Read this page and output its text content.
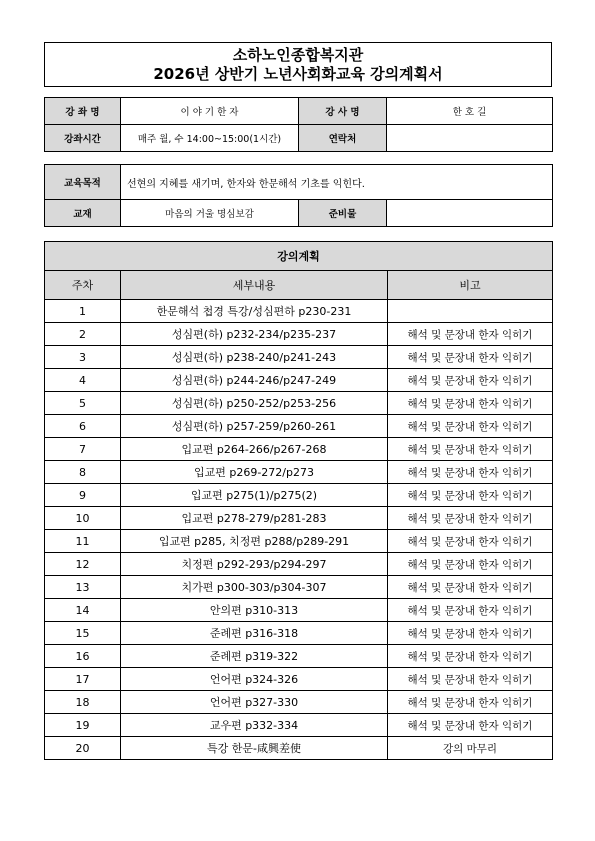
소하노인종합복지관
2026년 상반기 노년사회화교육 강의계획서
강 좌 명	이 야 기 한 자	강 사 명	한 호 길
강좌시간	매주 월, 수 14:00~15:00(1시간)	연락처	
교육목적	선현의 지혜를 새기며, 한자와 한문해석 기초를 익힌다.		
교재	마음의 거울 명심보감	준비물	
강의계획		
주차	세부내용	비고
1	한문해석 첩경 특강/성심편하 p230-231	
2	성심편(하) p232-234/p235-237	해석 및 문장내 한자 익히기
3	성심편(하) p238-240/p241-243	해석 및 문장내 한자 익히기
4	성심편(하) p244-246/p247-249	해석 및 문장내 한자 익히기
5	성심편(하) p250-252/p253-256	해석 및 문장내 한자 익히기
6	성심편(하) p257-259/p260-261	해석 및 문장내 한자 익히기
7	입교편 p264-266/p267-268	해석 및 문장내 한자 익히기
8	입교편 p269-272/p273	해석 및 문장내 한자 익히기
9	입교편 p275(1)/p275(2)	해석 및 문장내 한자 익히기
10	입교편 p278-279/p281-283	해석 및 문장내 한자 익히기
11	입교편 p285, 치정편 p288/p289-291	해석 및 문장내 한자 익히기
12	치정편 p292-293/p294-297	해석 및 문장내 한자 익히기
13	치가편 p300-303/p304-307	해석 및 문장내 한자 익히기
14	안의편 p310-313	해석 및 문장내 한자 익히기
15	준례편 p316-318	해석 및 문장내 한자 익히기
16	준례편 p319-322	해석 및 문장내 한자 익히기
17	언어편 p324-326	해석 및 문장내 한자 익히기
18	언어편 p327-330	해석 및 문장내 한자 익히기
19	교우편 p332-334	해석 및 문장내 한자 익히기
20	특강 한문-咸興差使	강의 마무리
